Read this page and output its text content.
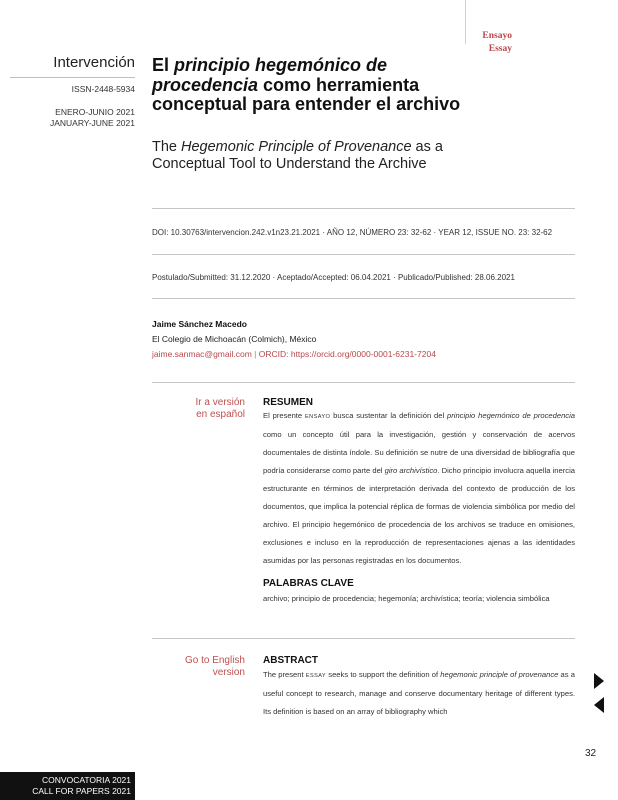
Ensayo
Essay
Intervención
ISSN-2448-5934
ENERO-JUNIO 2021
JANUARY-JUNE 2021
El principio hegemónico de procedencia como herramienta conceptual para entender el archivo
The Hegemonic Principle of Provenance as a Conceptual Tool to Understand the Archive
DOI: 10.30763/intervencion.242.v1n23.21.2021 · AÑO 12, NÚMERO 23: 32-62 · YEAR 12, ISSUE NO. 23: 32-62
Postulado/Submitted: 31.12.2020 · Aceptado/Accepted: 06.04.2021 · Publicado/Published: 28.06.2021
Jaime Sánchez Macedo
El Colegio de Michoacán (Colmich), México
jaime.sanmac@gmail.com | ORCID: https://orcid.org/0000-0001-6231-7204
Ir a versión
en español
RESUMEN
El presente ENSAYO busca sustentar la definición del principio hegemónico de procedencia como un concepto útil para la investigación, gestión y conservación de acervos documentales de distinta índole. Su definición se nutre de una diversidad de bibliografía que podría considerarse como parte del giro archivístico. Dicho principio involucra aquella inercia estructurante en términos de interpretación derivada del contexto de producción de los documentos, que implica la potencial réplica de formas de violencia simbólica por medio del archivo. El principio hegemónico de procedencia de los archivos se traduce en omisiones, exclusiones e incluso en la reproducción de representaciones ajenas a las identidades asumidas por las personas registradas en los documentos.
PALABRAS CLAVE
archivo; principio de procedencia; hegemonía; archivística; teoría; violencia simbólica
Go to English
version
ABSTRACT
The present ESSAY seeks to support the definition of hegemonic principle of provenance as a useful concept to research, manage and conserve documentary heritage of different types. Its definition is based on an array of bibliography which
32
CONVOCATORIA 2021
CALL FOR PAPERS 2021
